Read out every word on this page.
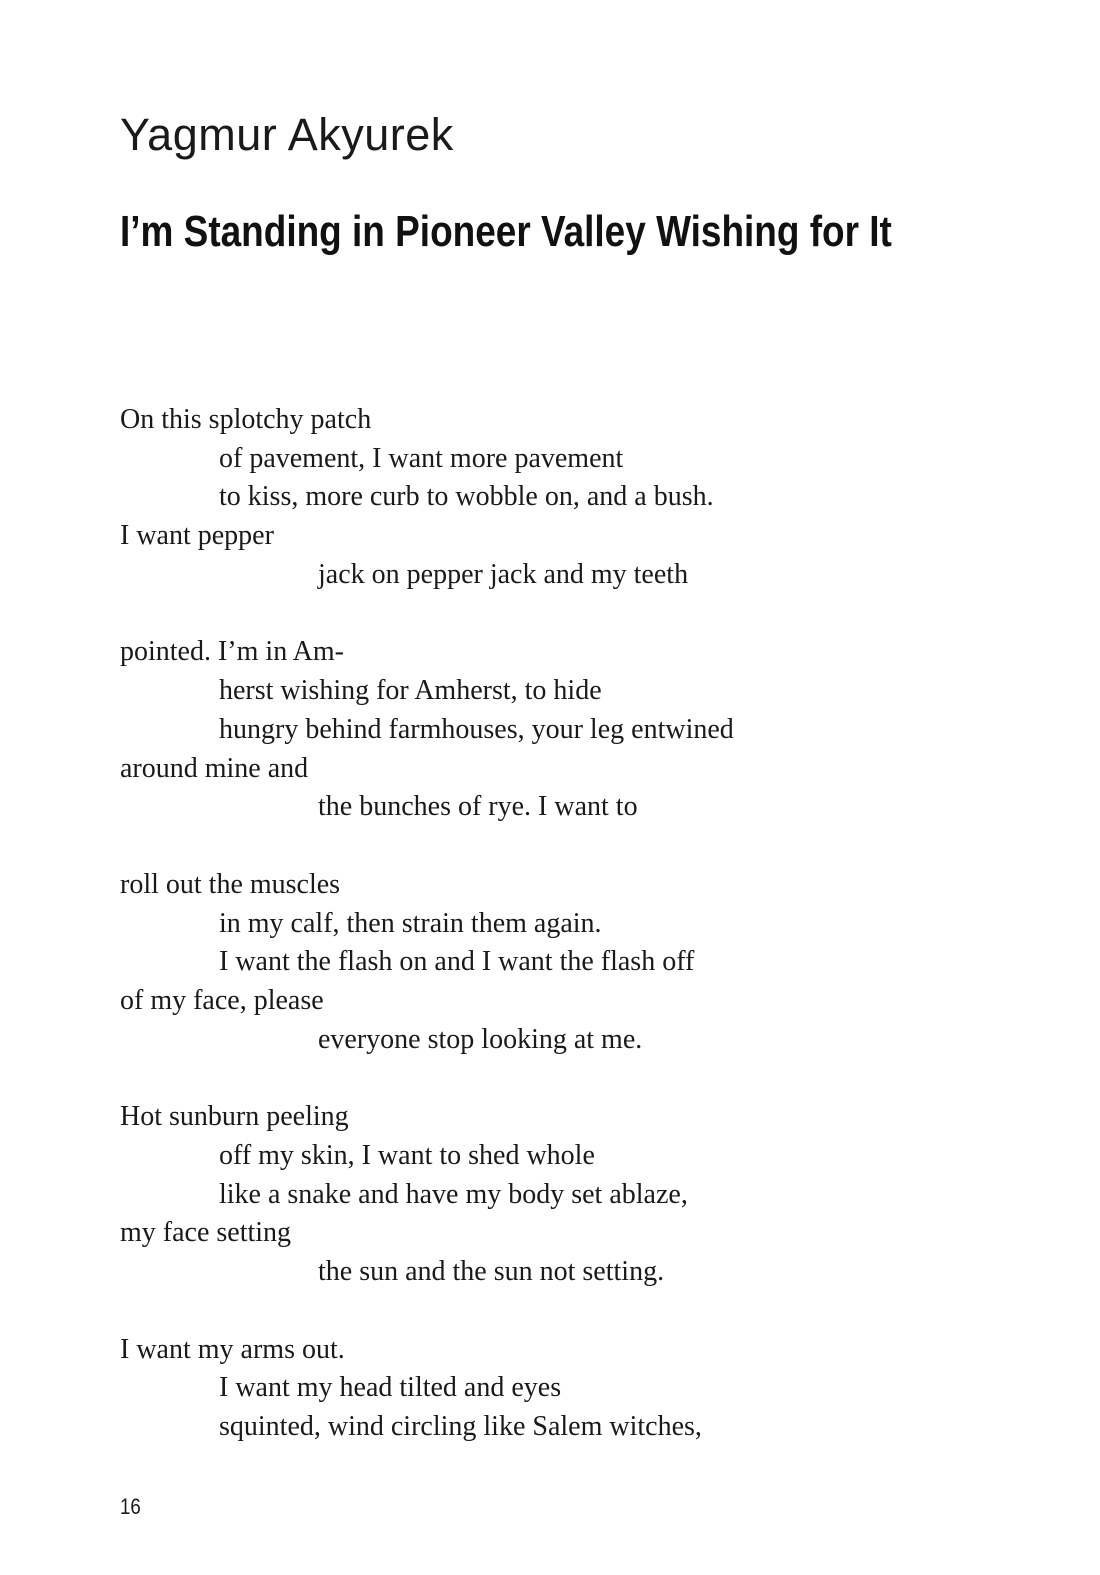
Yagmur Akyurek
I’m Standing in Pioneer Valley Wishing for It
On this splotchy patch
of pavement, I want more pavement
to kiss, more curb to wobble on, and a bush.
I want pepper
jack on pepper jack and my teeth
pointed. I’m in Am-
herst wishing for Amherst, to hide
hungry behind farmhouses, your leg entwined
around mine and
the bunches of rye. I want to
roll out the muscles
in my calf, then strain them again.
I want the flash on and I want the flash off
of my face, please
everyone stop looking at me.
Hot sunburn peeling
off my skin, I want to shed whole
like a snake and have my body set ablaze,
my face setting
the sun and the sun not setting.
I want my arms out.
I want my head tilted and eyes
squinted, wind circling like Salem witches,
16
